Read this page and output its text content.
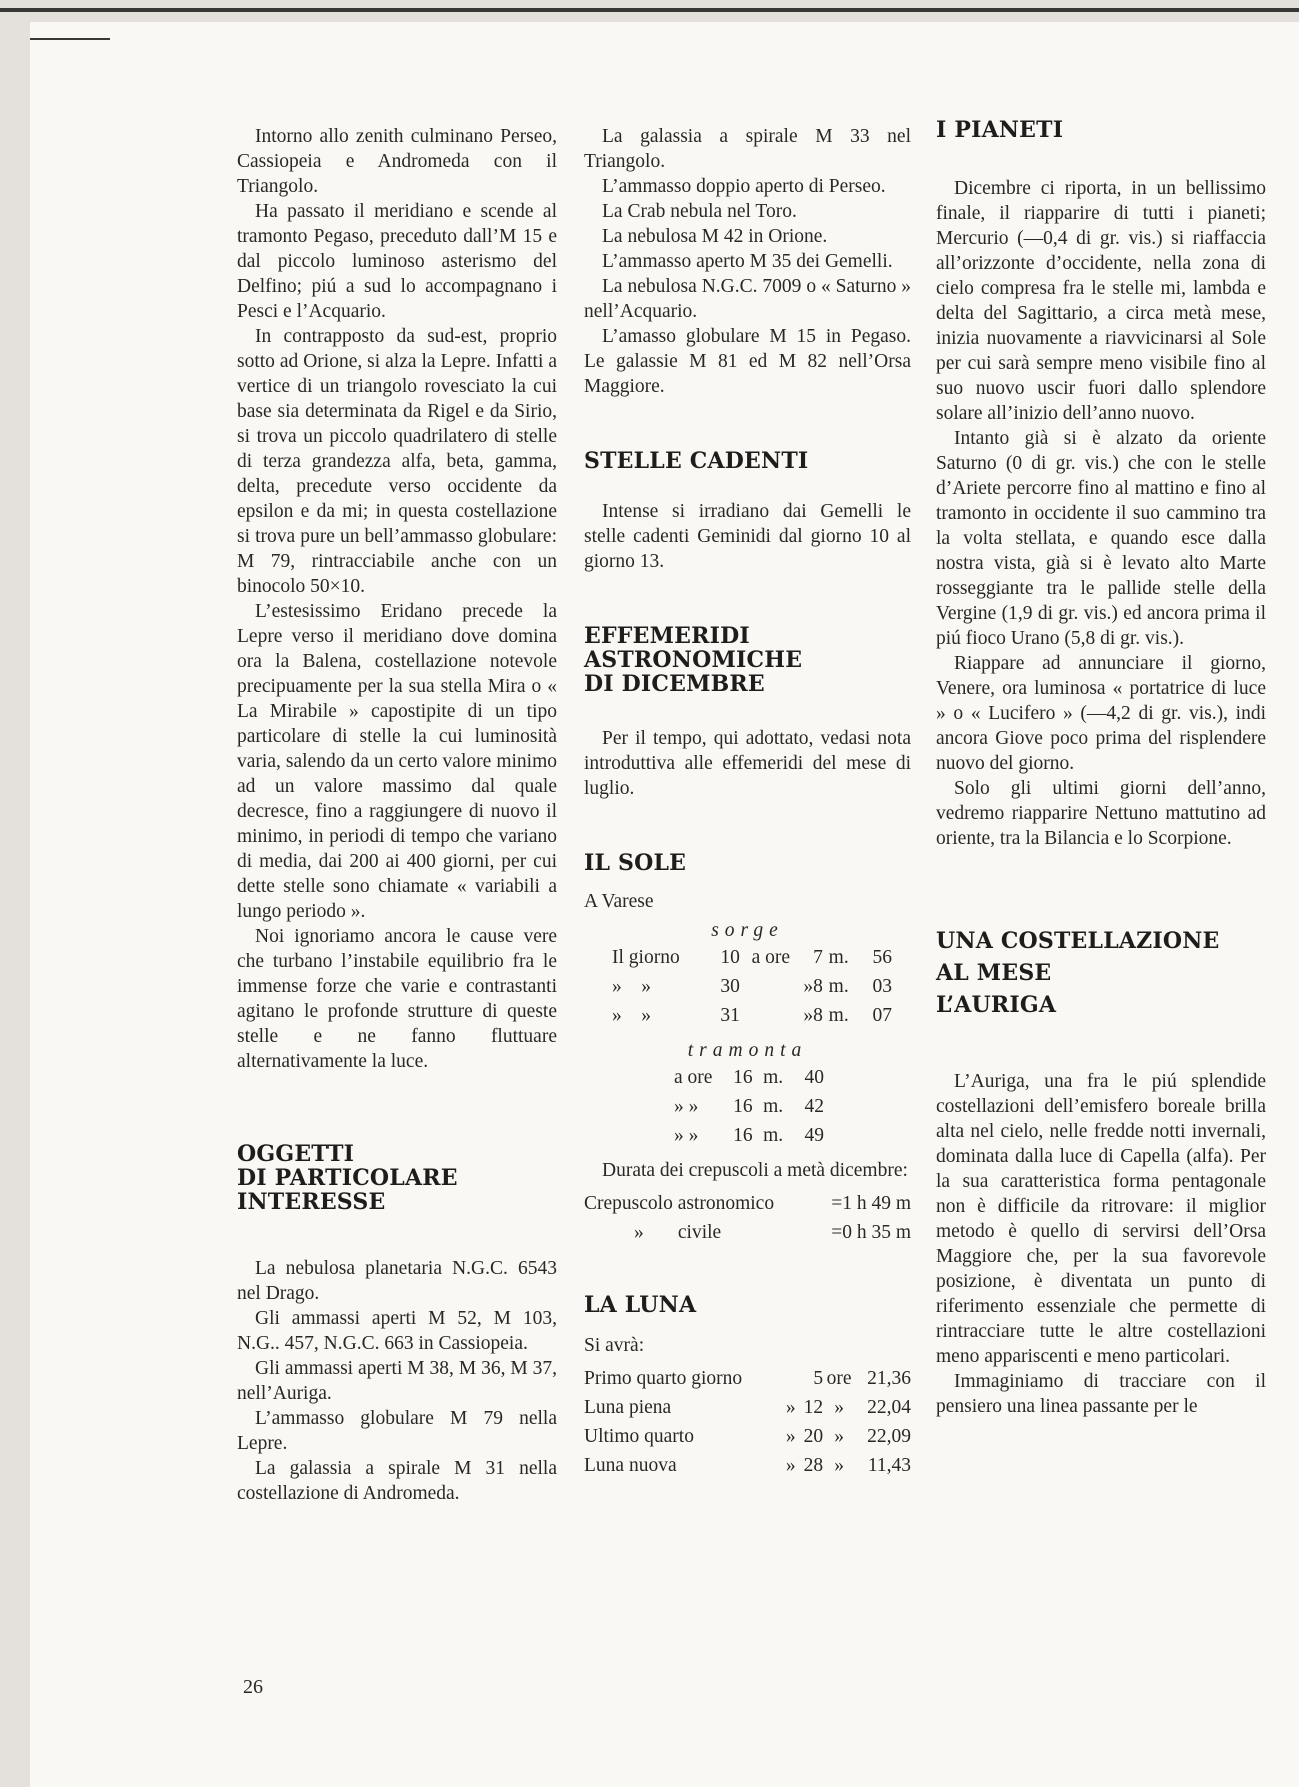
Intorno allo zenith culminano Perseo, Cassiopeia e Andromeda con il Triangolo.

Ha passato il meridiano e scende al tramonto Pegaso, preceduto dall’M 15 e dal piccolo luminoso asterismo del Delfino; piú a sud lo accompagnano i Pesci e l’Acquario.

In contrapposto da sud-est, proprio sotto ad Orione, si alza la Lepre. Infatti a vertice di un triangolo rovesciato la cui base sia determinata da Rigel e da Sirio, si trova un piccolo quadrilatero di stelle di terza grandezza alfa, beta, gamma, delta, precedute verso occidente da epsilon e da mi; in questa costellazione si trova pure un bell’ammasso globulare: M 79, rintracciabile anche con un binocolo 50×10.

L’estesissimo Eridano precede la Lepre verso il meridiano dove domina ora la Balena, costellazione notevole precipuamente per la sua stella Mira o « La Mirabile » capostipite di un tipo particolare di stelle la cui luminosità varia, salendo da un certo valore minimo ad un valore massimo dal quale decresce, fino a raggiungere di nuovo il minimo, in periodi di tempo che variano di media, dai 200 ai 400 giorni, per cui dette stelle sono chiamate « variabili a lungo periodo ».

Noi ignoriamo ancora le cause vere che turbano l’instabile equilibrio fra le immense forze che varie e contrastanti agitano le profonde strutture di queste stelle e ne fanno fluttuare alternativamente la luce.

OGGETTI
DI PARTICOLARE
INTERESSE

La nebulosa planetaria N.G.C. 6543 nel Drago.

Gli ammassi aperti M 52, M 103, N.G.. 457, N.G.C. 663 in Cassiopeia.

Gli ammassi aperti M 38, M 36, M 37, nell’Auriga.

L’ammasso globulare M 79 nella Lepre.

La galassia a spirale M 31 nella costellazione di Andromeda.

La galassia a spirale M 33 nel Triangolo.

L’ammasso doppio aperto di Perseo.

La Crab nebula nel Toro.

La nebulosa M 42 in Orione.

L’ammasso aperto M 35 dei Gemelli.

La nebulosa N.G.C. 7009 o « Saturno » nell’Acquario.

L’amasso globulare M 15 in Pegaso. Le galassie M 81 ed M 82 nell’Orsa Maggiore.

STELLE CADENTI

Intense si irradiano dai Gemelli le stelle cadenti Geminidi dal giorno 10 al giorno 13.

EFFEMERIDI
ASTRONOMICHE
DI DICEMBRE

Per il tempo, qui adottato, vedasi nota introduttiva alle effemeridi del mese di luglio.

IL SOLE

A Varese

sorge
Il giorno	10	a ore	7	m.	56
» »	30	»	8	m.	03
» »	31	»	8	m.	07
tramonta
a ore	16	m.	40
» »	16	m.	42
» »	16	m.	49

Durata dei crepuscoli a metà dicembre:

Crepuscolo astronomico	=1 h 49 m
»       civile	=0 h 35 m
LA LUNA

Si avrà:

Primo quarto giorno		5	ore	21,36
Luna piena	»	12	»	22,04
Ultimo quarto	»	20	»	22,09
Luna nuova	»	28	»	11,43
I PIANETI

Dicembre ci riporta, in un bellissimo finale, il riapparire di tutti i pianeti; Mercurio (—0,4 di gr. vis.) si riaffaccia all’orizzonte d’occidente, nella zona di cielo compresa fra le stelle mi, lambda e delta del Sagittario, a circa metà mese, inizia nuovamente a riavvicinarsi al Sole per cui sarà sempre meno visibile fino al suo nuovo uscir fuori dallo splendore solare all’inizio dell’anno nuovo.

Intanto già si è alzato da oriente Saturno (0 di gr. vis.) che con le stelle d’Ariete percorre fino al mattino e fino al tramonto in occidente il suo cammino tra la volta stellata, e quando esce dalla nostra vista, già si è levato alto Marte rosseggiante tra le pallide stelle della Vergine (1,9 di gr. vis.) ed ancora prima il piú fioco Urano (5,8 di gr. vis.).

Riappare ad annunciare il giorno, Venere, ora luminosa « portatrice di luce » o « Lucifero » (—4,2 di gr. vis.), indi ancora Giove poco prima del risplendere nuovo del giorno.

Solo gli ultimi giorni dell’anno, vedremo riapparire Nettuno mattutino ad oriente, tra la Bilancia e lo Scorpione.

UNA COSTELLAZIONE
AL MESE
L’AURIGA

L’Auriga, una fra le piú splendide costellazioni dell’emisfero boreale brilla alta nel cielo, nelle fredde notti invernali, dominata dalla luce di Capella (alfa). Per la sua caratteristica forma pentagonale non è difficile da ritrovare: il miglior metodo è quello di servirsi dell’Orsa Maggiore che, per la sua favorevole posizione, è diventata un punto di riferimento essenziale che permette di rintracciare tutte le altre costellazioni meno appariscenti e meno particolari.

Immaginiamo di tracciare con il pensiero una linea passante per le

26
